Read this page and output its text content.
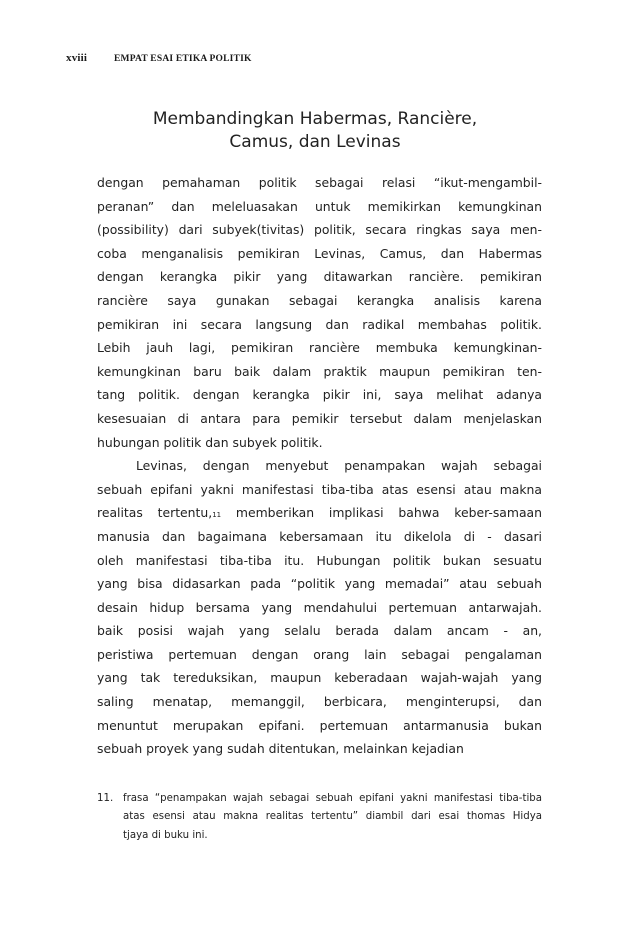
xviii	EMPAT ESAI ETIKA POLITIK
Membandingkan Habermas, Rancière,
Camus, dan Levinas
dengan pemahaman politik sebagai relasi “ikut-mengambil-
peranan” dan meleluasakan untuk memikirkan kemungkinan
(possibility) dari subyek(tivitas) politik, secara ringkas saya men-
coba menganalisis pemikiran Levinas, Camus, dan Habermas
dengan kerangka pikir yang ditawarkan rancière. pemikiran
rancière saya gunakan sebagai kerangka analisis karena
pemikiran ini secara langsung dan radikal membahas politik.
Lebih jauh lagi, pemikiran rancière membuka kemungkinan-
kemungkinan baru baik dalam praktik maupun pemikiran ten-
tang politik. dengan kerangka pikir ini, saya melihat adanya
kesesuaian di antara para pemikir tersebut dalam menjelaskan
hubungan politik dan subyek politik.
Levinas, dengan menyebut penampakan wajah sebagai
sebuah epifani yakni manifestasi tiba-tiba atas esensi atau makna
realitas tertentu,11 memberikan implikasi bahwa keber-samaan
manusia dan bagaimana kebersamaan itu dikelola di - dasari
oleh manifestasi tiba-tiba itu. Hubungan politik bukan sesuatu
yang bisa didasarkan pada “politik yang memadai” atau sebuah
desain hidup bersama yang mendahului pertemuan antarwajah.
baik posisi wajah yang selalu berada dalam ancam - an,
peristiwa pertemuan dengan orang lain sebagai pengalaman
yang tak tereduksikan, maupun keberadaan wajah-wajah yang
saling menatap, memanggil, berbicara, menginterupsi, dan
menuntut merupakan epifani. pertemuan antarmanusia bukan
sebuah proyek yang sudah ditentukan, melainkan kejadian
11. frasa “penampakan wajah sebagai sebuah epifani yakni manifestasi tiba-tiba
atas esensi atau makna realitas tertentu” diambil dari esai thomas Hidya
tjaya di buku ini.
